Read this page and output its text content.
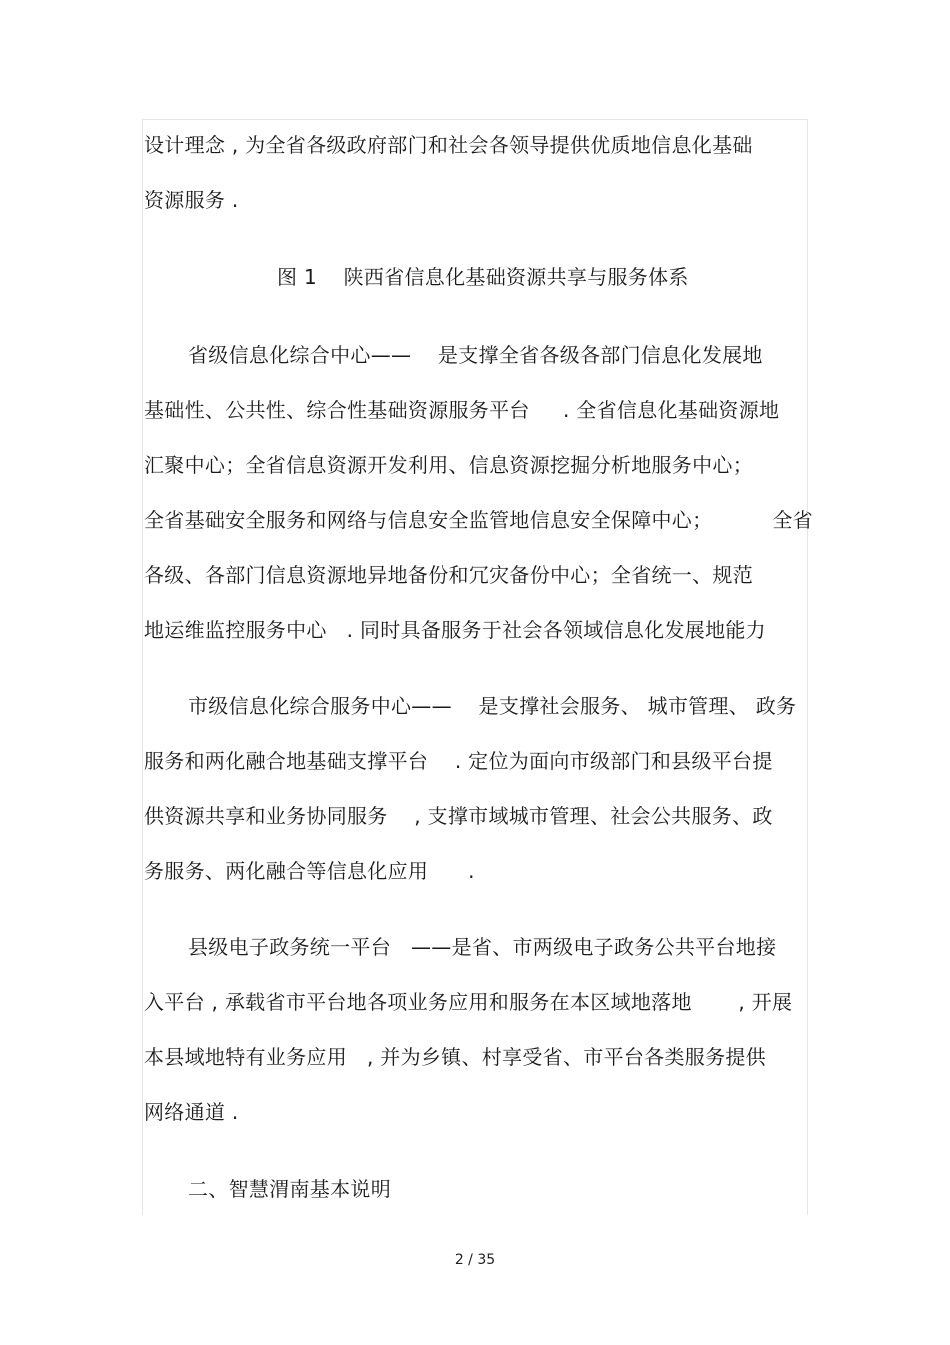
设计理念 , 为全省各级政府部门和社会各领导提供优质地信息化基础
资源服务 .
图 1    陕西省信息化基础资源共享与服务体系
省级信息化综合中心——    是支撑全省各级各部门信息化发展地
基础性、公共性、综合性基础资源服务平台     . 全省信息化基础资源地
汇聚中心；全省信息资源开发利用、信息资源挖掘分析地服务中心；
全省基础安全服务和网络与信息安全监管地信息安全保障中心；         全省
各级、各部门信息资源地异地备份和冗灾备份中心；全省统一、规范
地运维监控服务中心   . 同时具备服务于社会各领域信息化发展地能力
市级信息化综合服务中心——    是支撑社会服务、 城市管理、 政务
服务和两化融合地基础支撑平台    . 定位为面向市级部门和县级平台提
供资源共享和业务协同服务    , 支撑市域城市管理、社会公共服务、政
务服务、两化融合等信息化应用      .
县级电子政务统一平台   ——是省、市两级电子政务公共平台地接
入平台 , 承载省市平台地各项业务应用和服务在本区域地落地       , 开展
本县域地特有业务应用   , 并为乡镇、村享受省、市平台各类服务提供
网络通道 .
二、智慧渭南基本说明
2 / 35
